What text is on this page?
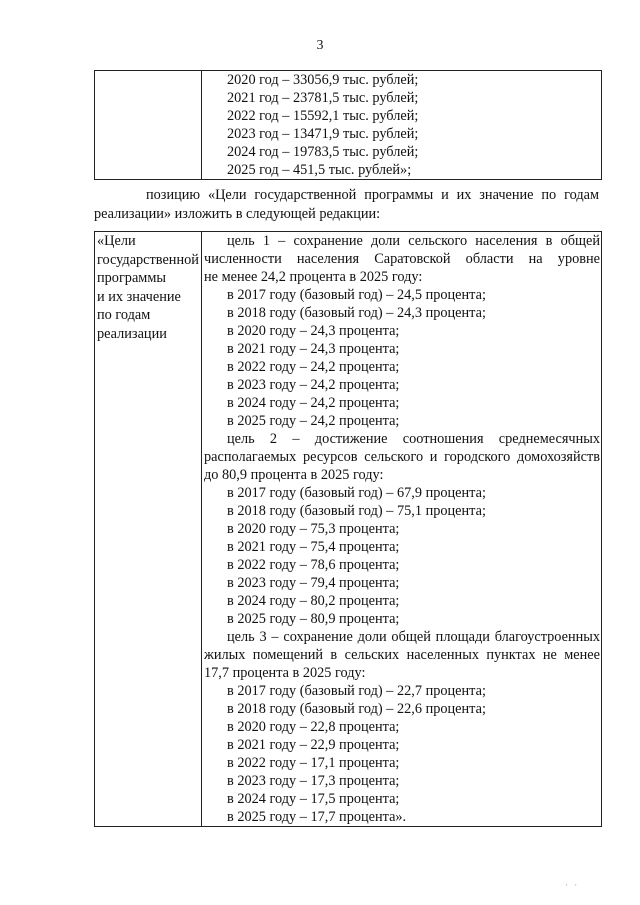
3

2020 год – 33056,9 тыс. рублей;
2021 год – 23781,5 тыс. рублей;
2022 год – 15592,1 тыс. рублей;
2023 год – 13471,9 тыс. рублей;
2024 год – 19783,5 тыс. рублей;
2025 год – 451,5 тыс. рублей»;
позицию «Цели государственной программы и их значение по годам
реализации» изложить в следующей редакции:
«Цели
государственной
программы
и их значение
по годам
реализации

цель 1 – сохранение доли сельского населения в общей
численности населения Саратовской области на уровне
не менее 24,2 процента в 2025 году:
в 2017 году (базовый год) – 24,5 процента;
в 2018 году (базовый год) – 24,3 процента;
в 2020 году – 24,3 процента;
в 2021 году – 24,3 процента;
в 2022 году – 24,2 процента;
в 2023 году – 24,2 процента;
в 2024 году – 24,2 процента;
в 2025 году – 24,2 процента;
цель 2 – достижение соотношения среднемесячных
располагаемых ресурсов сельского и городского домохозяйств
до 80,9 процента в 2025 году:
в 2017 году (базовый год) – 67,9 процента;
в 2018 году (базовый год) – 75,1 процента;
в 2020 году – 75,3 процента;
в 2021 году – 75,4 процента;
в 2022 году – 78,6 процента;
в 2023 году – 79,4 процента;
в 2024 году – 80,2 процента;
в 2025 году – 80,9 процента;
цель 3 – сохранение доли общей площади благоустроенных
жилых помещений в сельских населенных пунктах не менее
17,7 процента в 2025 году:
в 2017 году (базовый год) – 22,7 процента;
в 2018 году (базовый год) – 22,6 процента;
в 2020 году – 22,8 процента;
в 2021 году – 22,9 процента;
в 2022 году – 17,1 процента;
в 2023 году – 17,3 процента;
в 2024 году – 17,5 процента;
в 2025 году – 17,7 процента».
· ·
